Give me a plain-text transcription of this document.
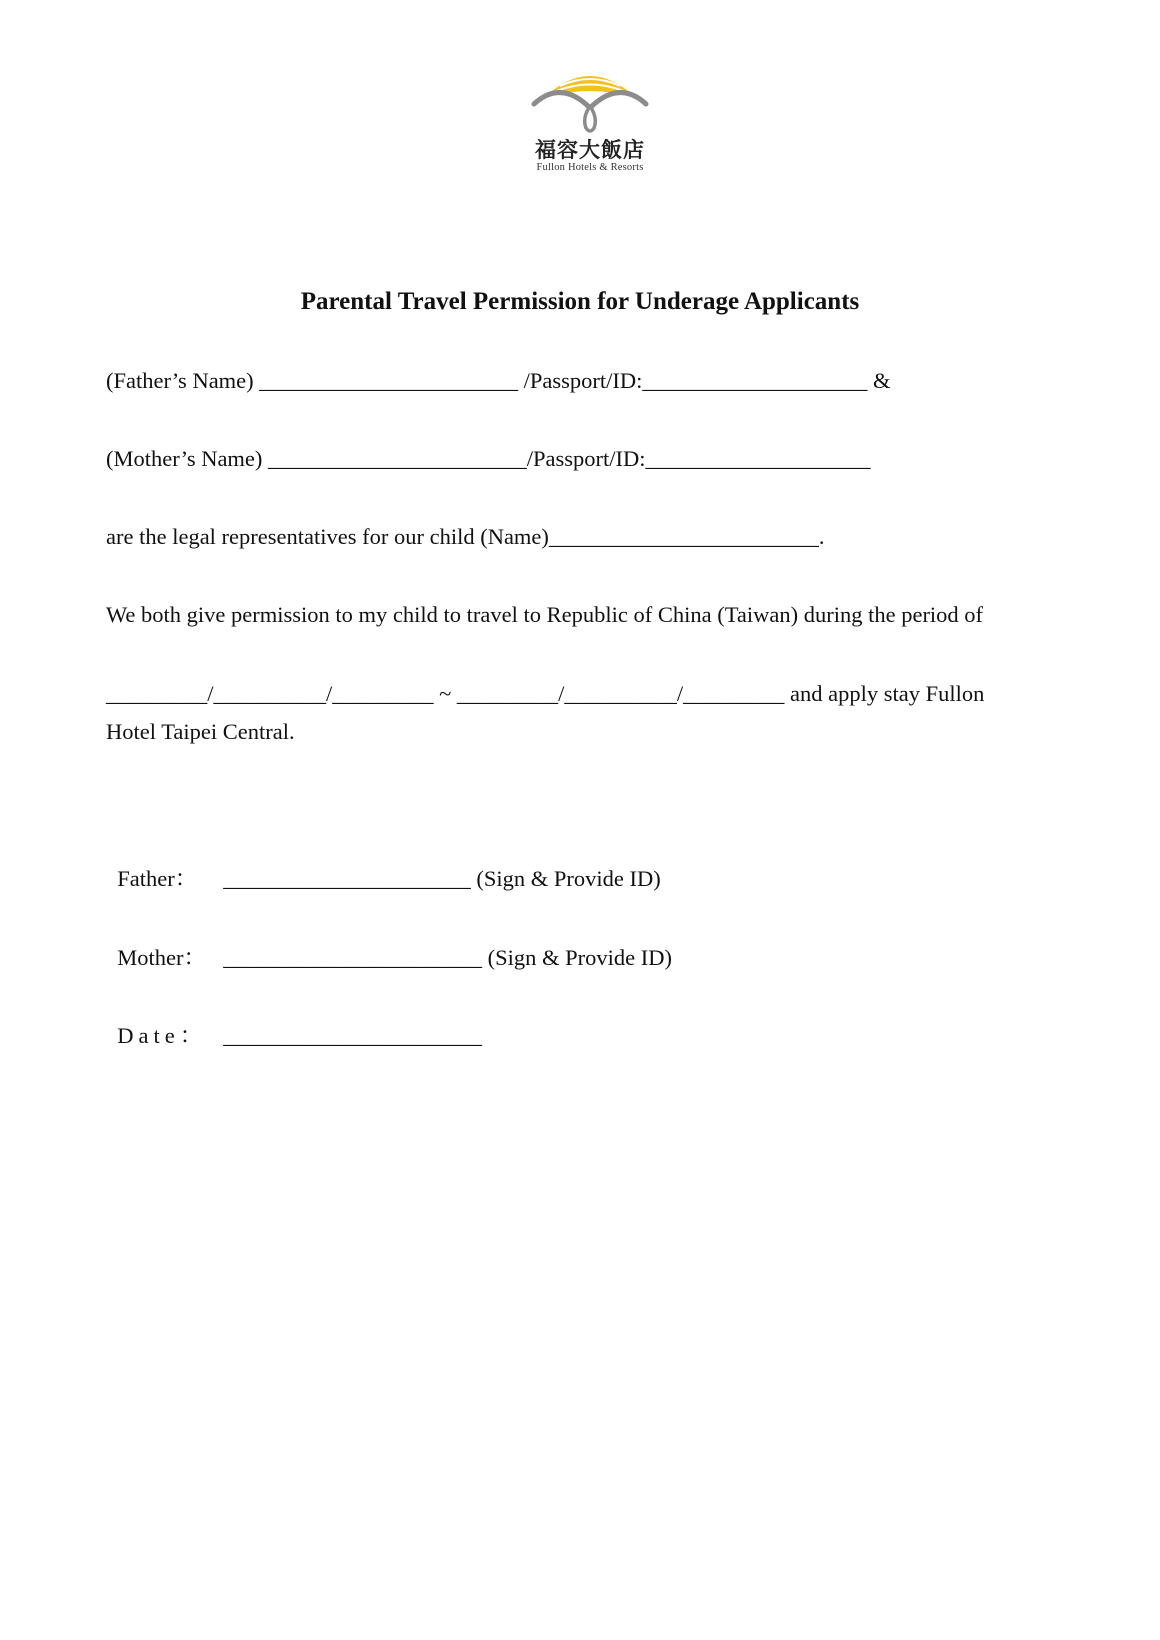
福容大飯店
Fullon Hotels & Resorts
Parental Travel Permission for Underage Applicants
(Father’s Name) _______________________ /Passport/ID:____________________ &
(Mother’s Name) _______________________/Passport/ID:____________________
are the legal representatives for our child (Name)________________________.
We both give permission to my child to travel to Republic of China (Taiwan) during the period of
_________/__________/_________ ~ _________/__________/_________ and apply stay Fullon
Hotel Taipei Central.

Father： ______________________ (Sign & Provide ID)

Mother： _______________________ (Sign & Provide ID)

Date： _______________________
